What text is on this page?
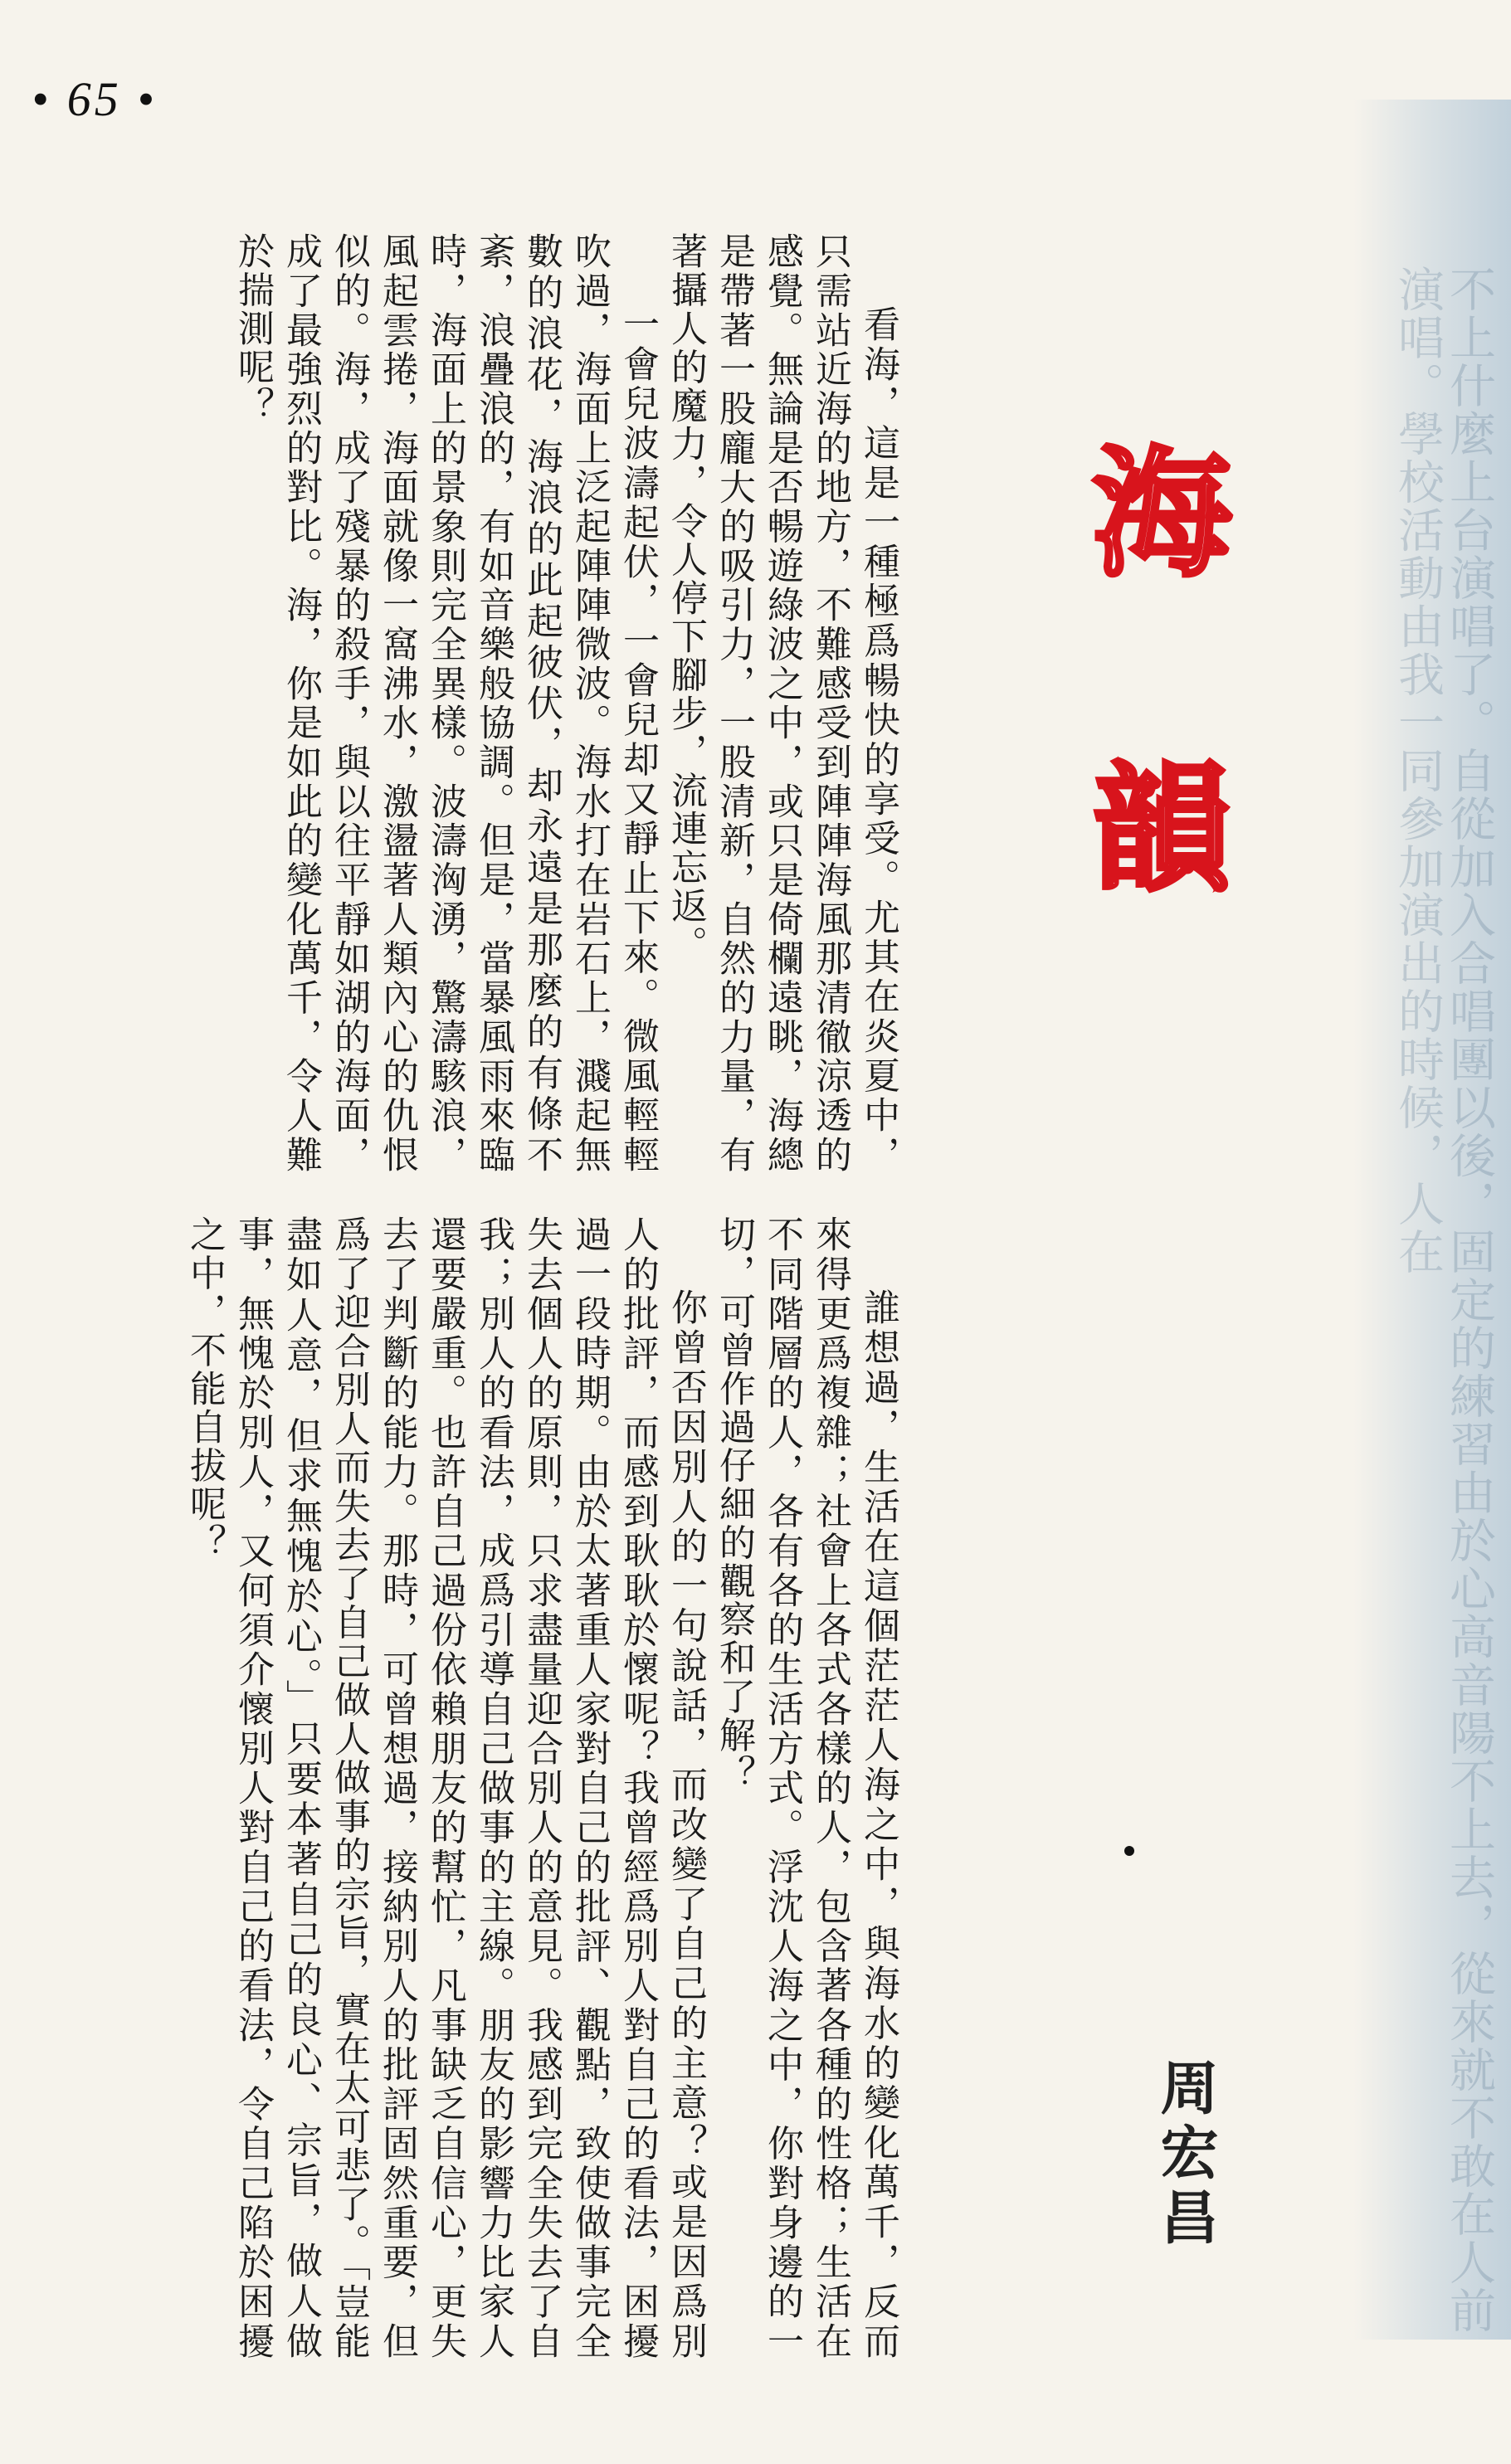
• 65 •
不上什麼上台演唱了。自從加入合唱團以後，固定的練習由於心高音陽不上去，從來就不敢在人前演唱。學校活動由我一同參加演出的時候，人在

看海，這是一種極爲暢快的享受。尤其在炎夏中，只需站近海的地方，不難感受到陣陣海風那清徹涼透的感覺。無論是否暢遊綠波之中，或只是倚欄遠眺，海總是帶著一股龐大的吸引力，一股清新，自然的力量，有著攝人的魔力，令人停下腳步，流連忘返。

一會兒波濤起伏，一會兒却又靜止下來。微風輕輕吹過，海面上泛起陣陣微波。海水打在岩石上，濺起無數的浪花，海浪的此起彼伏，却永遠是那麼的有條不紊，浪疊浪的，有如音樂般協調。但是，當暴風雨來臨時，海面上的景象則完全異樣。波濤洶湧，驚濤駭浪，風起雲捲，海面就像一窩沸水，激盪著人類內心的仇恨似的。海，成了殘暴的殺手，與以往平靜如湖的海面，成了最強烈的對比。海，你是如此的變化萬千，令人難於揣測呢？

誰想過，生活在這個茫茫人海之中，與海水的變化萬千，反而來得更爲複雜；社會上各式各樣的人，包含著各種的性格；生活在不同階層的人，各有各的生活方式。浮沈人海之中，你對身邊的一切，可曾作過仔細的觀察和了解？

你曾否因別人的一句說話，而改變了自己的主意？或是因爲別人的批評，而感到耿耿於懷呢？我曾經爲別人對自己的看法，困擾過一段時期。由於太著重人家對自己的批評、觀點，致使做事完全失去個人的原則，只求盡量迎合別人的意見。我感到完全失去了自我；別人的看法，成爲引導自己做事的主線。朋友的影響力比家人還要嚴重。也許自己過份依賴朋友的幫忙，凡事缺乏自信心，更失去了判斷的能力。那時，可曾想過，接納別人的批評固然重要，但爲了迎合別人而失去了自己做人做事的宗旨，實在太可悲了。「豈能盡如人意，但求無愧於心。」只要本著自己的良心、宗旨，做人做事，無愧於別人，又何須介懷別人對自己的看法，令自己陷於困擾之中，不能自拔呢？

海
韻
周宏昌
